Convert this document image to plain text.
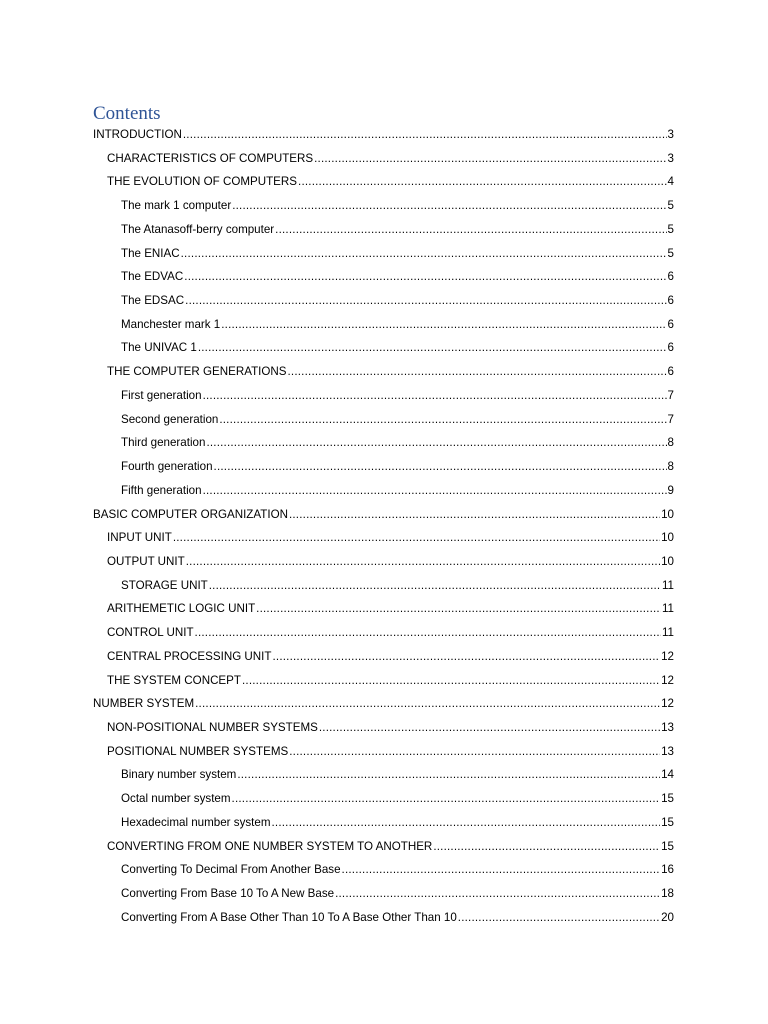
Contents
INTRODUCTION .....	3
CHARACTERISTICS OF COMPUTERS .....	3
THE EVOLUTION OF COMPUTERS .....	4
The mark 1 computer .....	5
The Atanasoff-berry computer .....	5
The ENIAC .....	5
The EDVAC .....	6
The EDSAC .....	6
Manchester mark 1 .....	6
The UNIVAC 1 .....	6
THE COMPUTER GENERATIONS .....	6
First generation .....	7
Second generation .....	7
Third generation .....	8
Fourth generation .....	8
Fifth generation .....	9
BASIC COMPUTER ORGANIZATION .....	10
INPUT UNIT .....	10
OUTPUT UNIT .....	10
STORAGE UNIT .....	11
ARITHEMETIC LOGIC UNIT .....	11
CONTROL UNIT .....	11
CENTRAL PROCESSING UNIT .....	12
THE SYSTEM CONCEPT .....	12
NUMBER SYSTEM .....	12
NON-POSITIONAL NUMBER SYSTEMS .....	13
POSITIONAL NUMBER SYSTEMS .....	13
Binary number system .....	14
Octal number system .....	15
Hexadecimal number system .....	15
CONVERTING FROM ONE NUMBER SYSTEM TO ANOTHER .....	15
Converting To Decimal From Another Base .....	16
Converting From Base 10 To A New Base .....	18
Converting From A Base Other Than 10 To A Base Other Than 10 .....	20
